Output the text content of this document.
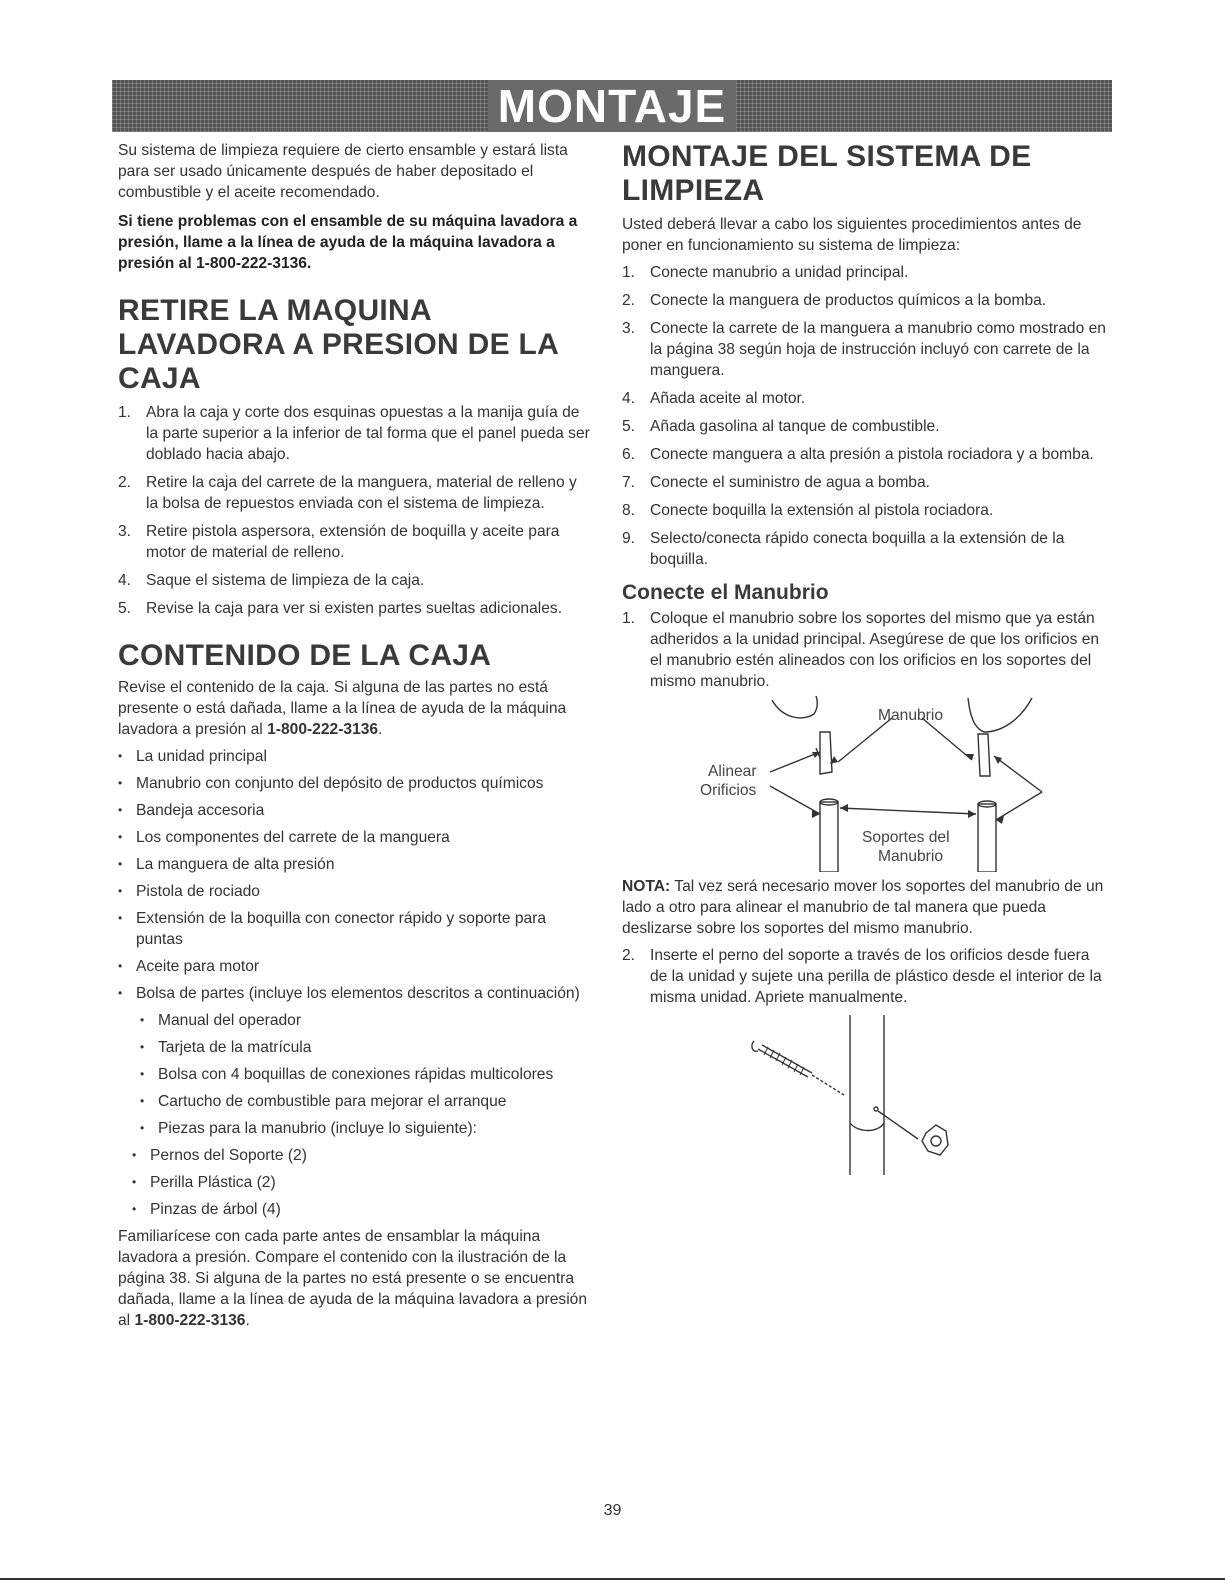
MONTAJE

Su sistema de limpieza requiere de cierto ensamble y estará lista para ser usado únicamente después de haber depositado el combustible y el aceite recomendado.

Si tiene problemas con el ensamble de su máquina lavadora a presión, llame a la línea de ayuda de la máquina lavadora a presión al 1-800-222-3136.

RETIRE LA MAQUINA LAVADORA A PRESION DE LA CAJA
1. Abra la caja y corte dos esquinas opuestas a la manija guía de la parte superior a la inferior de tal forma que el panel pueda ser doblado hacia abajo.
2. Retire la caja del carrete de la manguera, material de relleno y la bolsa de repuestos enviada con el sistema de limpieza.
3. Retire pistola aspersora, extensión de boquilla y aceite para motor de material de relleno.
4. Saque el sistema de limpieza de la caja.
5. Revise la caja para ver si existen partes sueltas adicionales.
CONTENIDO DE LA CAJA

Revise el contenido de la caja. Si alguna de las partes no está presente o está dañada, llame a la línea de ayuda de la máquina lavadora a presión al 1-800-222-3136.

• La unidad principal
• Manubrio con conjunto del depósito de productos químicos
• Bandeja accesoria
• Los componentes del carrete de la manguera
• La manguera de alta presión
• Pistola de rociado
• Extensión de la boquilla con conector rápido y soporte para puntas
• Aceite para motor
• Bolsa de partes (incluye los elementos descritos a continuación)
• Manual del operador
• Tarjeta de la matrícula
• Bolsa con 4 boquillas de conexiones rápidas multicolores
• Cartucho de combustible para mejorar el arranque
• Piezas para la manubrio (incluye lo siguiente):
• Pernos del Soporte (2)
• Perilla Plástica (2)
• Pinzas de árbol (4)

Familiarícese con cada parte antes de ensamblar la máquina lavadora a presión. Compare el contenido con la ilustración de la página 38. Si alguna de la partes no está presente o se encuentra dañada, llame a la línea de ayuda de la máquina lavadora a presión al 1-800-222-3136.

MONTAJE DEL SISTEMA DE LIMPIEZA

Usted deberá llevar a cabo los siguientes procedimientos antes de poner en funcionamiento su sistema de limpieza:

1. Conecte manubrio a unidad principal.
2. Conecte la manguera de productos químicos a la bomba.
3. Conecte la carrete de la manguera a manubrio como mostrado en la página 38 según hoja de instrucción incluyó con carrete de la manguera.
4. Añada aceite al motor.
5. Añada gasolina al tanque de combustible.
6. Conecte manguera a alta presión a pistola rociadora y a bomba.
7. Conecte el suministro de agua a bomba.
8. Conecte boquilla la extensión al pistola rociadora.
9. Selecto/conecta rápido conecta boquilla a la extensión de la boquilla.
Conecte el Manubrio
1. Coloque el manubrio sobre los soportes del mismo que ya están adheridos a la unidad principal. Asegúrese de que los orificios en el manubrio estén alineados con los orificios en los soportes del mismo manubrio.
Manubrio
Alinear
Orificios
Soportes del
Manubrio

NOTA: Tal vez será necesario mover los soportes del manubrio de un lado a otro para alinear el manubrio de tal manera que pueda deslizarse sobre los soportes del mismo manubrio.

2. Inserte el perno del soporte a través de los orificios desde fuera de la unidad y sujete una perilla de plástico desde el interior de la misma unidad. Apriete manualmente.
39
